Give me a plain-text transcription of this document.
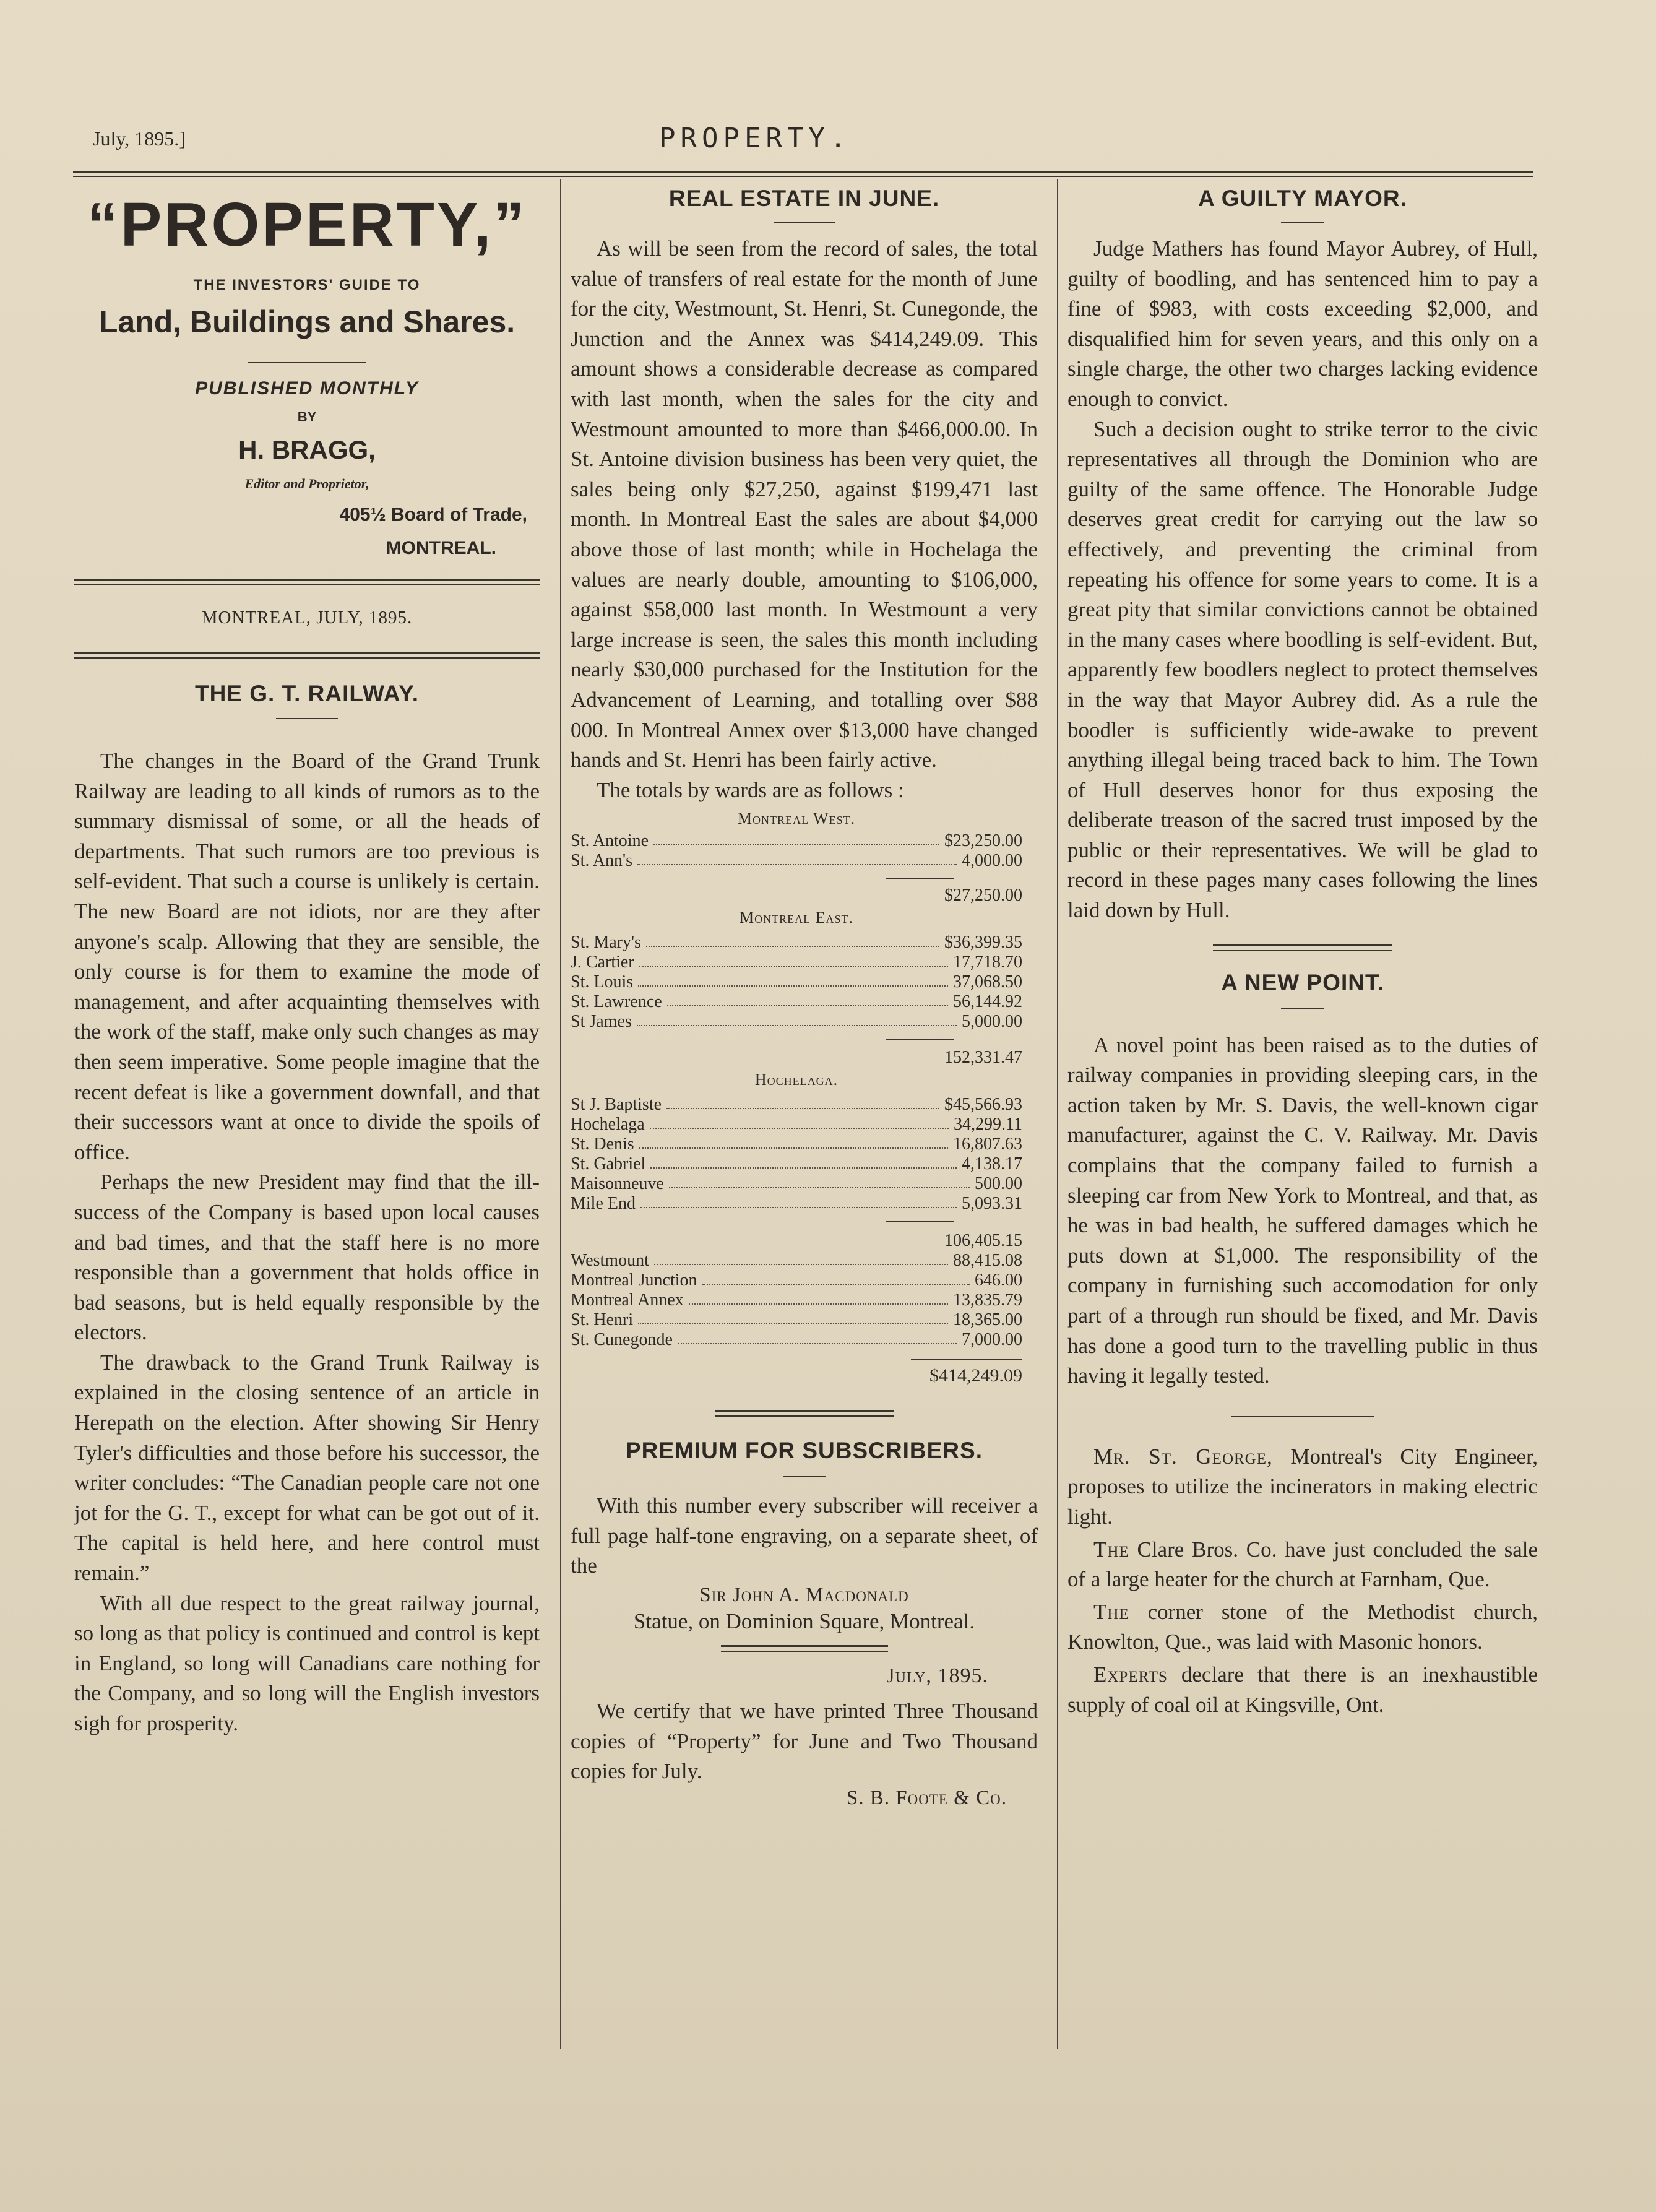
July, 1895.]	PROPERTY.
“PROPERTY,”
THE INVESTORS' GUIDE TO
Land, Buildings and Shares.
PUBLISHED MONTHLY
BY
H. BRAGG,
Editor and Proprietor,
405½ Board of Trade,
MONTREAL.
MONTREAL, JULY, 1895.
THE G. T. RAILWAY.

The changes in the Board of the Grand Trunk Railway are leading to all kinds of rumors as to the summary dismissal of some, or all the heads of departments. That such rumors are too previous is self-evident. That such a course is unlikely is certain. The new Board are not idiots, nor are they after anyone's scalp. Allowing that they are sensible, the only course is for them to examine the mode of management, and after acquainting themselves with the work of the staff, make only such changes as may then seem imperative. Some people imagine that the recent defeat is like a government downfall, and that their successors want at once to divide the spoils of office.

Perhaps the new President may find that the ill-success of the Company is based upon local causes and bad times, and that the staff here is no more responsible than a government that holds office in bad seasons, but is held equally responsible by the electors.

The drawback to the Grand Trunk Railway is explained in the closing sentence of an article in Herepath on the election. After showing Sir Henry Tyler's difficulties and those before his successor, the writer concludes: “The Canadian people care not one jot for the G. T., except for what can be got out of it. The capital is held here, and here control must remain.”

With all due respect to the great railway journal, so long as that policy is continued and control is kept in England, so long will Canadians care nothing for the Company, and so long will the English investors sigh for prosperity.

REAL ESTATE IN JUNE.

As will be seen from the record of sales, the total value of transfers of real estate for the month of June for the city, Westmount, St. Henri, St. Cunegonde, the Junction and the Annex was $414,249.09. This amount shows a considerable decrease as compared with last month, when the sales for the city and Westmount amounted to more than $466,000.00. In St. Antoine division business has been very quiet, the sales being only $27,250, against $199,471 last month. In Montreal East the sales are about $4,000 above those of last month; while in Hochelaga the values are nearly double, amounting to $106,000, against $58,000 last month. In Westmount a very large increase is seen, the sales this month including nearly $30,000 purchased for the Institution for the Advancement of Learning, and totalling over $88 000. In Montreal Annex over $13,000 have changed hands and St. Henri has been fairly active.

The totals by wards are as follows :

Montreal West.
St. Antoine	$23,250.00
St. Ann's	4,000.00
$27,250.00
Montreal East.
St. Mary's	$36,399.35
J. Cartier	17,718.70
St. Louis	37,068.50
St. Lawrence	56,144.92
St James	5,000.00
152,331.47
Hochelaga.
St J. Baptiste	$45,566.93
Hochelaga	34,299.11
St. Denis	16,807.63
St. Gabriel	4,138.17
Maisonneuve	500.00
Mile End	5,093.31
106,405.15
Westmount	88,415.08
Montreal Junction	646.00
Montreal Annex	13,835.79
St. Henri	18,365.00
St. Cunegonde	7,000.00
$414,249.09
PREMIUM FOR SUBSCRIBERS.

With this number every subscriber will receiver a full page half-tone engraving, on a separate sheet, of the

Sir John A. Macdonald
Statue, on Dominion Square, Montreal.
July, 1895.

We certify that we have printed Three Thousand copies of “Property” for June and Two Thousand copies for July.

S. B. Foote & Co.
A GUILTY MAYOR.

Judge Mathers has found Mayor Aubrey, of Hull, guilty of boodling, and has sentenced him to pay a fine of $983, with costs exceeding $2,000, and disqualified him for seven years, and this only on a single charge, the other two charges lacking evidence enough to convict.

Such a decision ought to strike terror to the civic representatives all through the Dominion who are guilty of the same offence. The Honorable Judge deserves great credit for carrying out the law so effectively, and preventing the criminal from repeating his offence for some years to come. It is a great pity that similar convictions cannot be obtained in the many cases where boodling is self-evident. But, apparently few boodlers neglect to protect themselves in the way that Mayor Aubrey did. As a rule the boodler is sufficiently wide-awake to prevent anything illegal being traced back to him. The Town of Hull deserves honor for thus exposing the deliberate treason of the sacred trust imposed by the public or their representatives. We will be glad to record in these pages many cases following the lines laid down by Hull.

A NEW POINT.

A novel point has been raised as to the duties of railway companies in providing sleeping cars, in the action taken by Mr. S. Davis, the well-known cigar manufacturer, against the C. V. Railway. Mr. Davis complains that the company failed to furnish a sleeping car from New York to Montreal, and that, as he was in bad health, he suffered damages which he puts down at $1,000. The responsibility of the company in furnishing such accomodation for only part of a through run should be fixed, and Mr. Davis has done a good turn to the travelling public in thus having it legally tested.

Mr. St. George, Montreal's City Engineer, proposes to utilize the incinerators in making electric light.

The Clare Bros. Co. have just concluded the sale of a large heater for the church at Farnham, Que.

The corner stone of the Methodist church, Knowlton, Que., was laid with Masonic honors.

Experts declare that there is an inexhaustible supply of coal oil at Kingsville, Ont.
